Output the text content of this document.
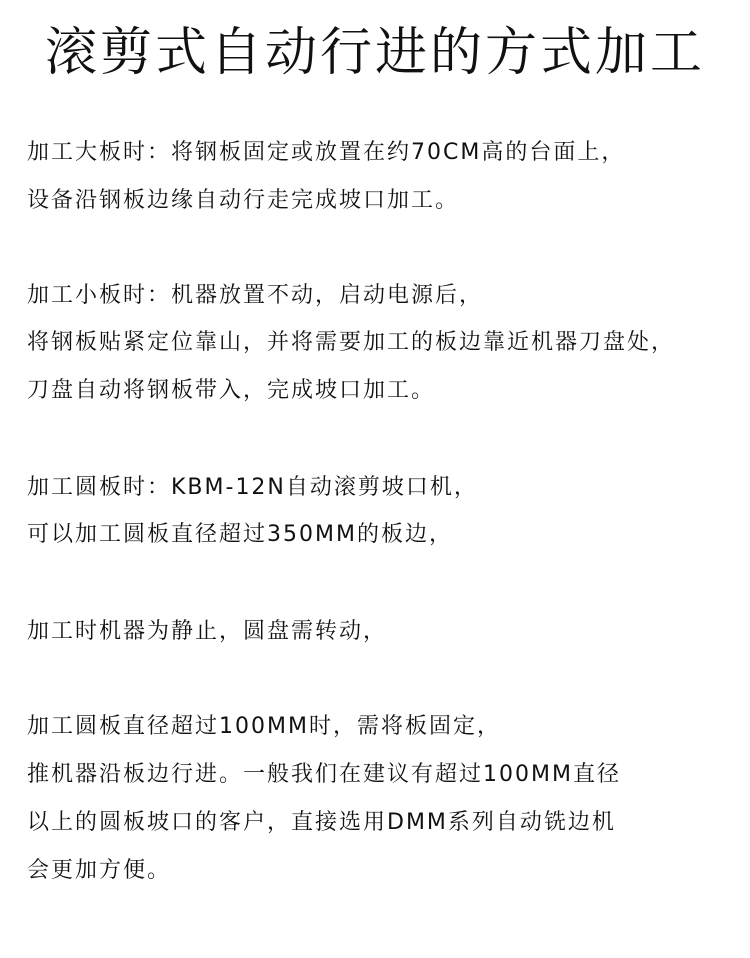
滚剪式自动行进的方式加工
加工大板时：将钢板固定或放置在约70CM高的台面上，
设备沿钢板边缘自动行走完成坡口加工。
加工小板时：机器放置不动，启动电源后，
将钢板贴紧定位靠山，并将需要加工的板边靠近机器刀盘处，
刀盘自动将钢板带入，完成坡口加工。
加工圆板时：KBM-12N自动滚剪坡口机，
可以加工圆板直径超过350MM的板边，
加工时机器为静止，圆盘需转动，
加工圆板直径超过100MM时，需将板固定，
推机器沿板边行进。一般我们在建议有超过100MM直径
以上的圆板坡口的客户，直接选用DMM系列自动铣边机
会更加方便。
